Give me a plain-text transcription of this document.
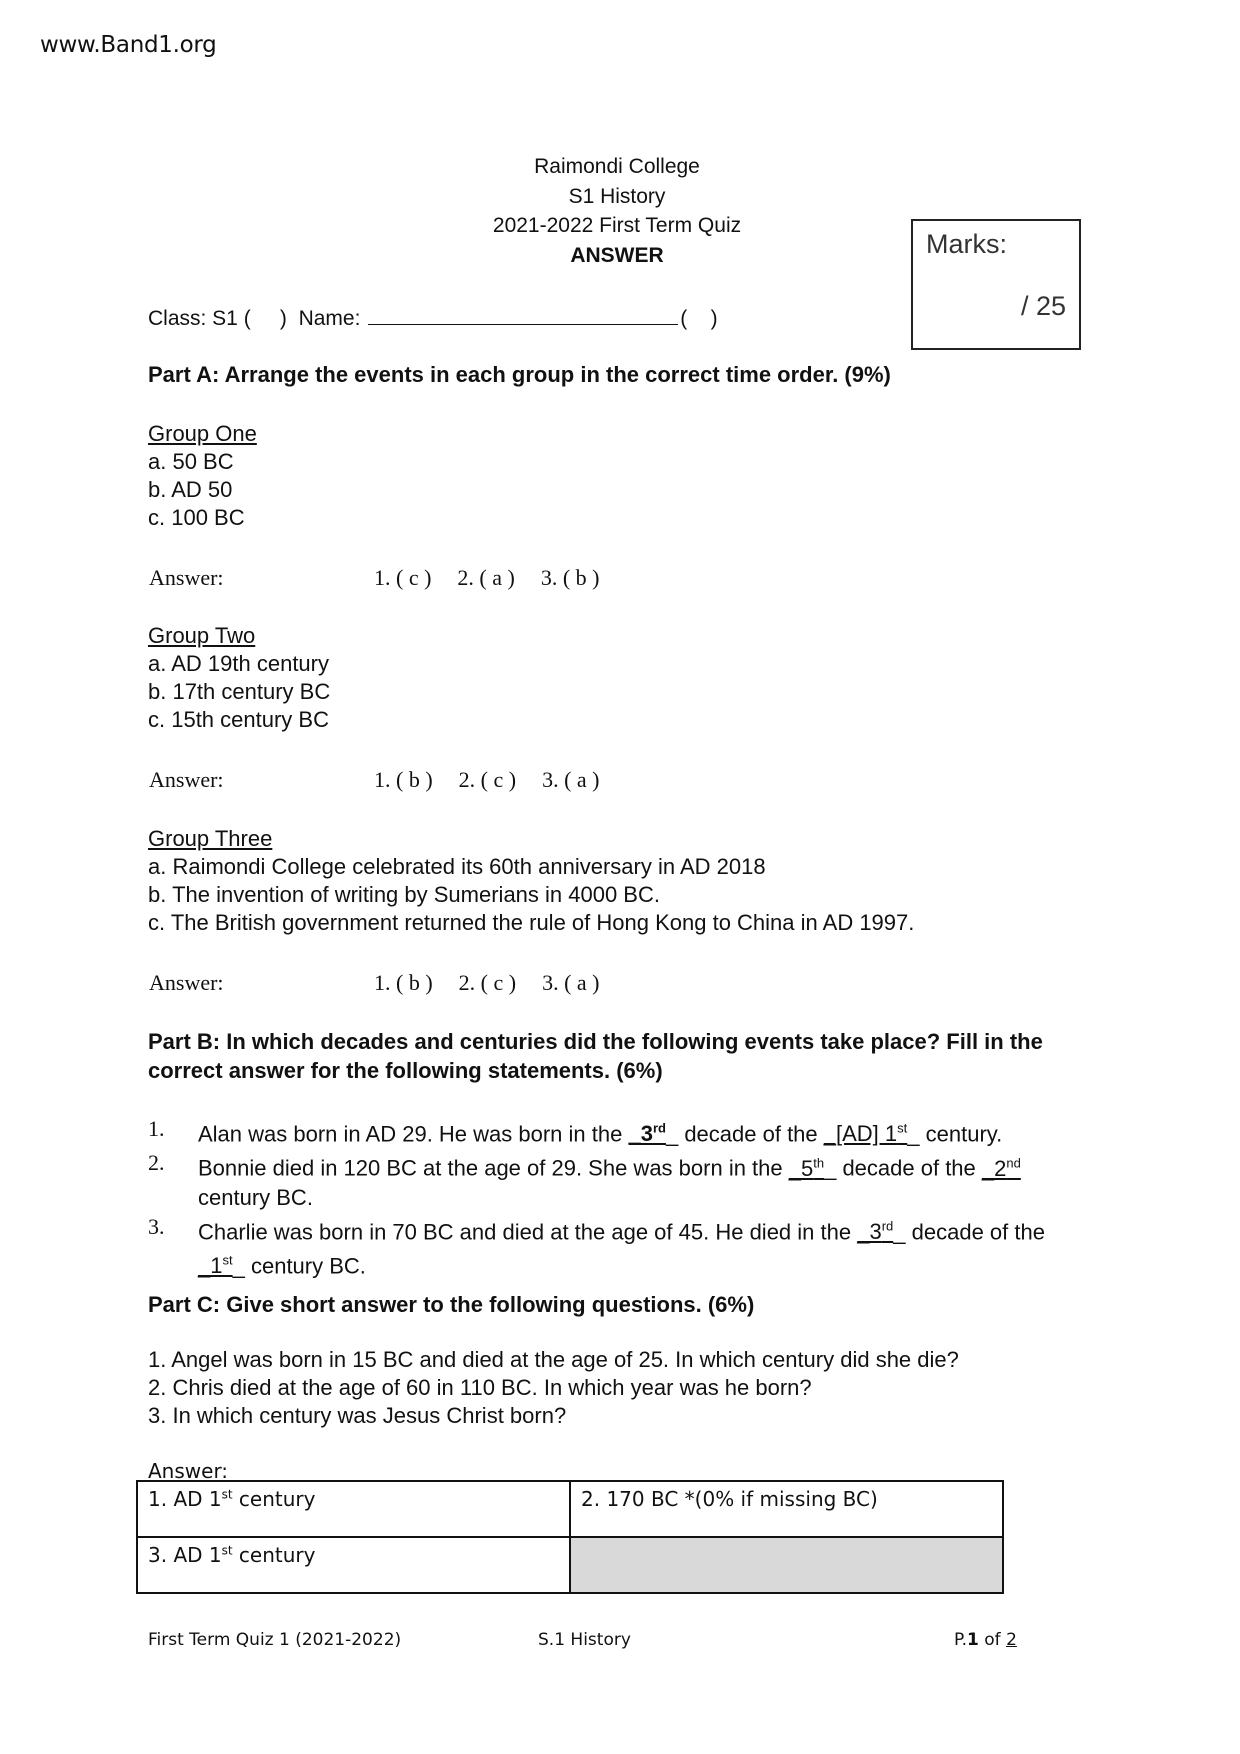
www.Band1.org
Raimondi College
S1 History
2021-2022 First Term Quiz
ANSWER	Marks:
/ 25
Class: S1 ( ) Name:	( )
Part A: Arrange the events in each group in the correct time order. (9%)
Group One
a. 50 BC
b. AD 50
c. 100 BC
Answer:	1. ( c ) 2. ( a ) 3. ( b )
Group Two
a. AD 19th century
b. 17th century BC
c. 15th century BC
Answer:	1. ( b ) 2. ( c ) 3. ( a )
Group Three
a. Raimondi College celebrated its 60th anniversary in AD 2018
b. The invention of writing by Sumerians in 4000 BC.
c. The British government returned the rule of Hong Kong to China in AD 1997.
Answer:	1. ( b ) 2. ( c ) 3. ( a )
Part B: In which decades and centuries did the following events take place? Fill in the correct answer for the following statements. (6%)
1. Alan was born in AD 29. He was born in the _3rd_ decade of the _[AD] 1st_ century.
2. Bonnie died in 120 BC at the age of 29. She was born in the _5th_ decade of the _2nd century BC.
3. Charlie was born in 70 BC and died at the age of 45. He died in the _3rd_ decade of the _1st_ century BC.
Part C: Give short answer to the following questions. (6%)
1. Angel was born in 15 BC and died at the age of 25. In which century did she die?
2. Chris died at the age of 60 in 110 BC. In which year was he born?
3. In which century was Jesus Christ born?
Answer:
1. AD 1st century	2. 170 BC *(0% if missing BC)
3. AD 1st century	
First Term Quiz 1 (2021-2022)	S.1 History	P.1 of 2
